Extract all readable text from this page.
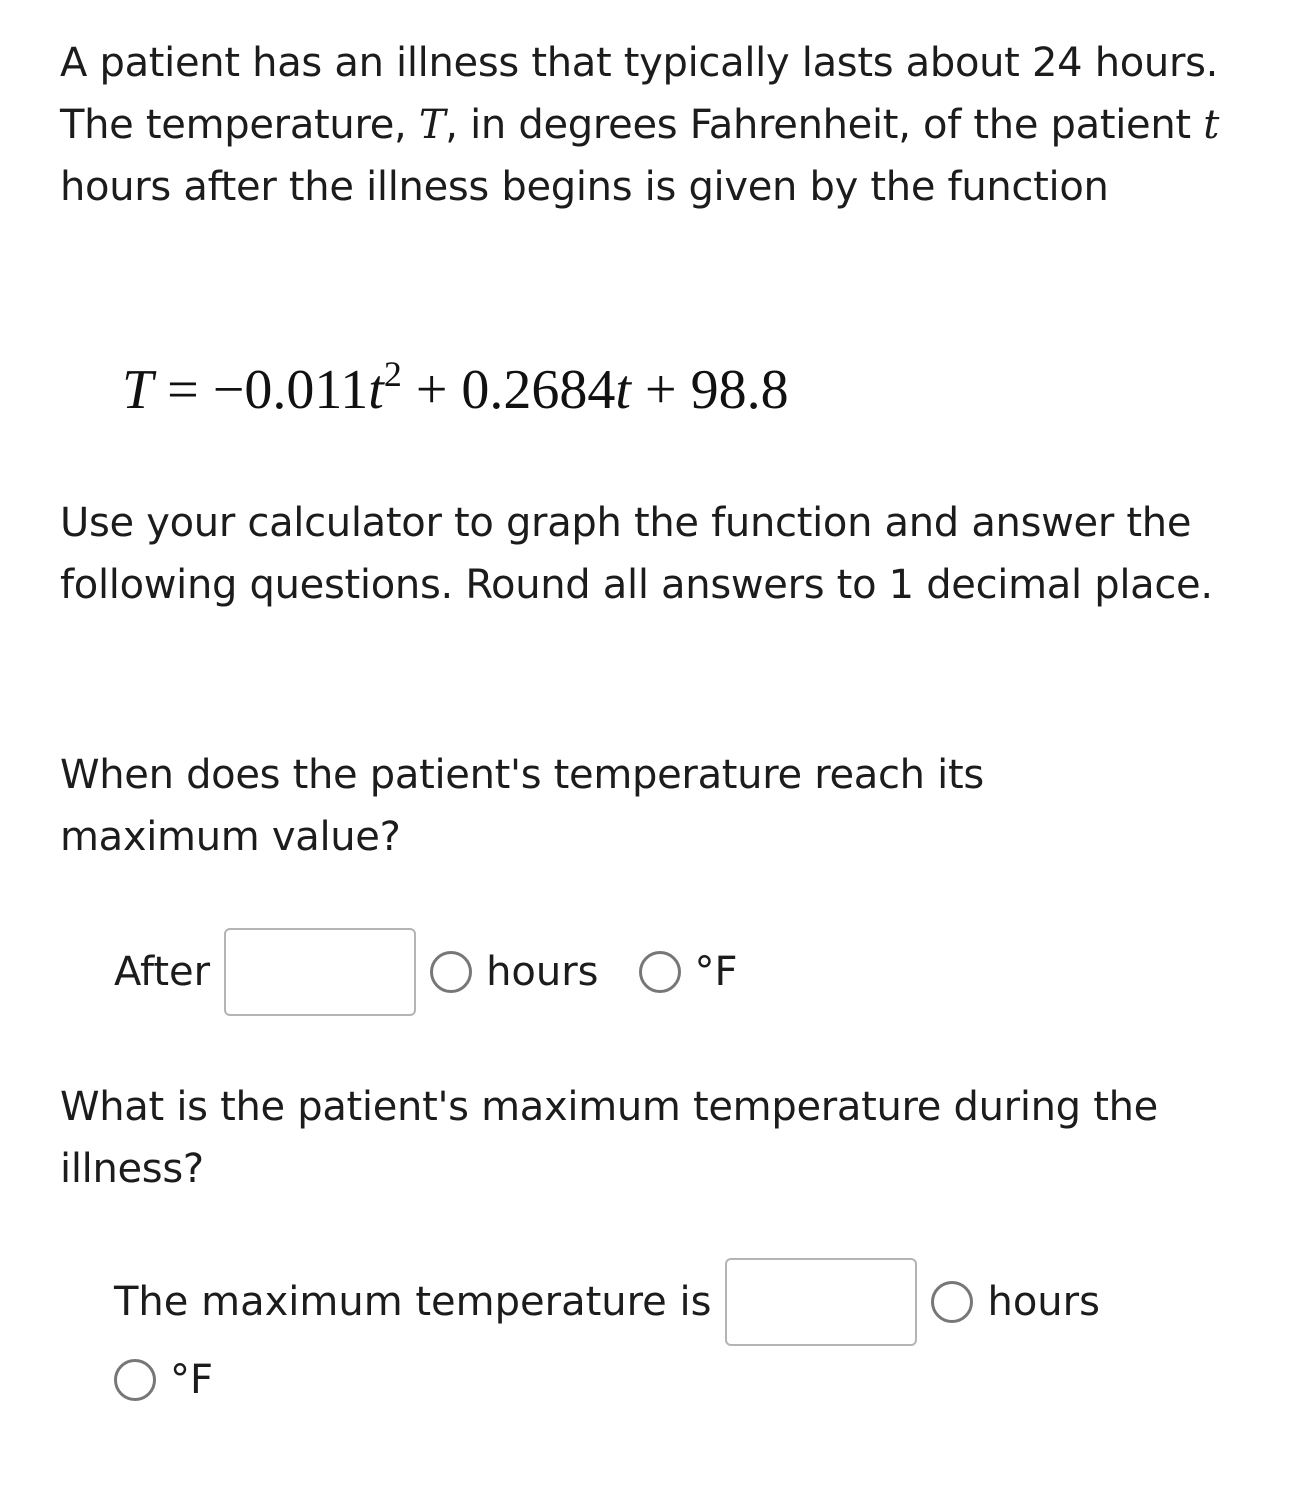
A patient has an illness that typically lasts about 24 hours. The temperature, T, in degrees Fahrenheit, of the patient t hours after the illness begins is given by the function

$T = -0.011t^2 + 0.2684t + 98.8$

Use your calculator to graph the function and answer the following questions. Round all answers to 1 decimal place.

When does the patient's temperature reach its maximum value?

After	hours °F

What is the patient's maximum temperature during the illness?

The maximum temperature is	hours
°F
